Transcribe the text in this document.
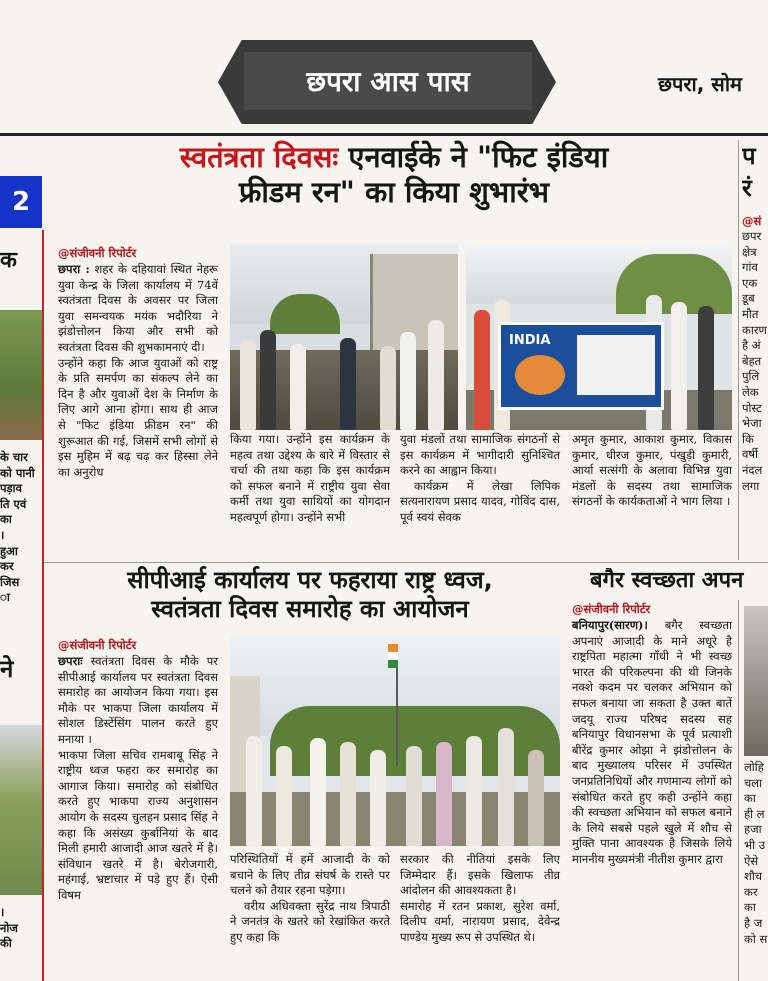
छपरा आस पास	छपरा, सोम
2
क
के चार
को पानी
पड़ाव
ति एवं
का
।
हुआ
कर
जिस
ा
ने
।
नोज
की
स्वतंत्रता दिवसः एनवाईके ने "फिट इंडिया
फ्रीडम रन" का किया शुभारंभ
@संजीवनी रिपोर्टर

छपरा : शहर के दहियावां स्थित नेहरू युवा केन्द्र के जिला कार्यालय में 74वें स्वतंत्रता दिवस के अवसर पर जिला युवा समन्वयक मयंक भदौरिया ने झंडोत्तोलन किया और सभी को स्वतंत्रता दिवस की शुभकामनाएं दी।

उन्होंने कहा कि आज युवाओं को राष्ट्र के प्रति समर्पण का संकल्प लेने का दिन है और युवाओं देश के निर्माण के लिए आगे आना होगा। साथ ही आज से "फिट इंडिया फ्रीडम रन" की शुरूआत की गई, जिसमें सभी लोगों से इस मुहिम में बढ़ चढ़ कर हिस्सा लेने का अनुरोध

INDIA
किया गया। उन्होंने इस कार्यक्रम के महत्व तथा उद्देश्य के बारे में विस्तार से चर्चा की तथा कहा कि इस कार्यक्रम को सफल बनाने में राष्ट्रीय युवा सेवा कर्मी तथा युवा साथियों का योगदान महत्वपूर्ण होगा। उन्होंने सभी

युवा मंडलों तथा सामाजिक संगठनों से इस कार्यक्रम में भागीदारी सुनिश्चित करने का आह्वान किया।

कार्यक्रम में लेखा लिपिक सत्यनारायण प्रसाद यादव, गोविंद दास, पूर्व स्वयं सेवक

अमृत कुमार, आकाश कुमार, विकास कुमार, धीरज कुमार, पंखुड़ी कुमारी, आर्या सत्संगी के अलावा विभिन्न युवा मंडलों के सदस्य तथा सामाजिक संगठनों के कार्यकताओं ने भाग लिया ।
प
रं
@सं
छपर
क्षेत्र
गांव
एक
डूब
मौत
कारण
है अं
बेहत
पुलि
लेक
पोस्ट
भेजा
कि
वर्षी
नंदल
लगा
सीपीआई कार्यालय पर फहराया राष्ट्र ध्वज,
स्वतंत्रता दिवस समारोह का आयोजन
@संजीवनी रिपोर्टर

छपराः स्वतंत्रता दिवस के मौके पर सीपीआई कार्यालय पर स्वतंत्रता दिवस समारोह का आयोजन किया गया। इस मौके पर भाकपा जिला कार्यालय में सोशल डिस्टेंसिंग पालन करते हुए मनाया ।

भाकपा जिला सचिव रामबाबू सिंह ने राष्ट्रीय ध्वज फहरा कर समारोह का आगाज किया। समारोह को संबोधित करते हुए भाकपा राज्य अनुशासन आयोग के सदस्य चुलहन प्रसाद सिंह ने कहा कि असंख्य कुर्बानियां के बाद मिली हमारी आजादी आज खतरे में है। संविधान खतरे में है। बेरोजगारी, महंगाई, भ्रष्टाचार में पड़े हुए हैं। ऐसी विषम

परिस्थितियों में हमें आजादी के को बचाने के लिए तीव्र संघर्ष के रास्ते पर चलने को तैयार रहना पड़ेगा।

वरीय अधिवक्ता सुरेंद्र नाथ त्रिपाठी ने जनतंत्र के खतरे को रेखांकित करते हुए कहा कि

सरकार की नीतियां इसके लिए जिम्मेदार हैं। इसके खिलाफ तीव्र आंदोलन की आवश्यकता है।

समारोह में रतन प्रकाश, सुरेश वर्मा, दिलीप वर्मा, नारायण प्रसाद, देवेन्द्र पाण्डेय मुख्य रूप से उपस्थित थे।

बगैर स्वच्छता अपन
@संजीवनी रिपोर्टर

बनियापुर(सारण)। बगैर स्वच्छता अपनाएं आजादी के माने अधूरे है राष्ट्रपिता महात्मा गाँधी ने भी स्वच्छ भारत की परिकल्पना की थी जिनके नक्शे कदम पर चलकर अभियान को सफल बनाया जा सकता है उक्त बातें जदयू राज्य परिषद सदस्य सह बनियापुर विधानसभा के पूर्व प्रत्याशी बीरेंद्र कुमार ओझा ने झंडोत्तोलन के बाद मुख्यालय परिसर में उपस्थित जनप्रतिनिधियों और गणमान्य लोगों को संबोधित करते हुए कही उन्होंने कहा की स्वच्छता अभियान को सफल बनाने के लिये सबसे पहले खुले में शौच से मुक्ति पाना आवश्यक है जिसके लिये माननीय मुख्यमंत्री नीतीश कुमार द्वारा

लोहि
चला
का
ही ल
हजा
भी उ
ऐसे
शौच
कर
का
है ज
को स
